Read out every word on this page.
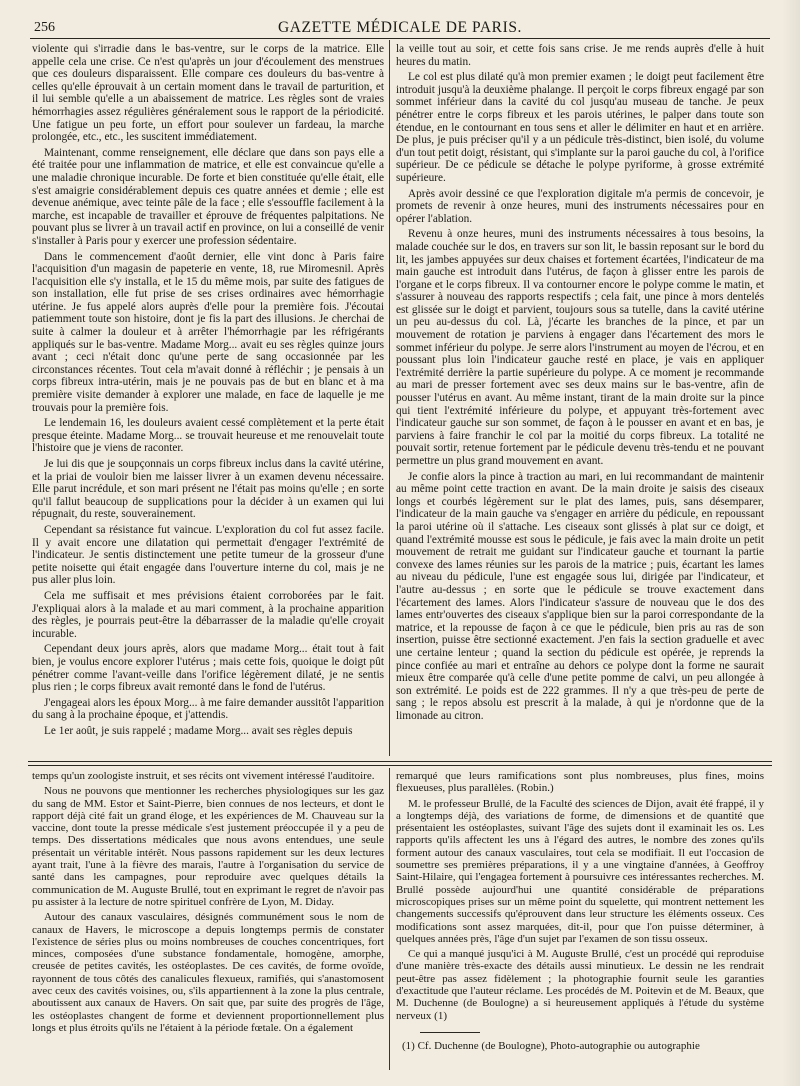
256	GAZETTE MÉDICALE DE PARIS.

violente qui s'irradie dans le bas-ventre, sur le corps de la matrice. Elle appelle cela une crise. Ce n'est qu'après un jour d'écoulement des menstrues que ces douleurs disparaissent. Elle compare ces douleurs du bas-ventre à celles qu'elle éprouvait à un certain moment dans le travail de parturition, et il lui semble qu'elle a un abaissement de matrice. Les règles sont de vraies hémorrhagies assez régulières généralement sous le rapport de la périodicité. Une fatigue un peu forte, un effort pour soulever un fardeau, la marche prolongée, etc., etc., les suscitent immédiatement.

Maintenant, comme renseignement, elle déclare que dans son pays elle a été traitée pour une inflammation de matrice, et elle est convaincue qu'elle a une maladie chronique incurable. De forte et bien constituée qu'elle était, elle s'est amaigrie considérablement depuis ces quatre années et demie ; elle est devenue anémique, avec teinte pâle de la face ; elle s'essouffle facilement à la marche, est incapable de travailler et éprouve de fréquentes palpitations. Ne pouvant plus se livrer à un travail actif en province, on lui a conseillé de venir s'installer à Paris pour y exercer une profession sédentaire.

Dans le commencement d'août dernier, elle vint donc à Paris faire l'acquisition d'un magasin de papeterie en vente, 18, rue Miromesnil. Après l'acquisition elle s'y installa, et le 15 du même mois, par suite des fatigues de son installation, elle fut prise de ses crises ordinaires avec hémorrhagie utérine. Je fus appelé alors auprès d'elle pour la première fois. J'écoutai patiemment toute son histoire, dont je fis la part des illusions. Je cherchai de suite à calmer la douleur et à arrêter l'hémorrhagie par les réfrigérants appliqués sur le bas-ventre. Madame Morg... avait eu ses règles quinze jours avant ; ceci n'était donc qu'une perte de sang occasionnée par les circonstances récentes. Tout cela m'avait donné à réfléchir ; je pensais à un corps fibreux intra-utérin, mais je ne pouvais pas de but en blanc et à ma première visite demander à explorer une malade, en face de laquelle je me trouvais pour la première fois.

Le lendemain 16, les douleurs avaient cessé complètement et la perte était presque éteinte. Madame Morg... se trouvait heureuse et me renouvelait toute l'histoire que je viens de raconter.

Je lui dis que je soupçonnais un corps fibreux inclus dans la cavité utérine, et la priai de vouloir bien me laisser livrer à un examen devenu nécessaire. Elle parut incrédule, et son mari présent ne l'était pas moins qu'elle ; en sorte qu'il fallut beaucoup de supplications pour la décider à un examen qui lui répugnait, du reste, souverainement.

Cependant sa résistance fut vaincue. L'exploration du col fut assez facile. Il y avait encore une dilatation qui permettait d'engager l'extrémité de l'indicateur. Je sentis distinctement une petite tumeur de la grosseur d'une petite noisette qui était engagée dans l'ouverture interne du col, mais je ne pus aller plus loin.

Cela me suffisait et mes prévisions étaient corroborées par le fait. J'expliquai alors à la malade et au mari comment, à la prochaine apparition des règles, je pourrais peut-être la débarrasser de la maladie qu'elle croyait incurable.

Cependant deux jours après, alors que madame Morg... était tout à fait bien, je voulus encore explorer l'utérus ; mais cette fois, quoique le doigt pût pénétrer comme l'avant-veille dans l'orifice légèrement dilaté, je ne sentis plus rien ; le corps fibreux avait remonté dans le fond de l'utérus.

J'engageai alors les époux Morg... à me faire demander aussitôt l'apparition du sang à la prochaine époque, et j'attendis.

Le 1er août, je suis rappelé ; madame Morg... avait ses règles depuis

la veille tout au soir, et cette fois sans crise. Je me rends auprès d'elle à huit heures du matin.

Le col est plus dilaté qu'à mon premier examen ; le doigt peut facilement être introduit jusqu'à la deuxième phalange. Il perçoit le corps fibreux engagé par son sommet inférieur dans la cavité du col jusqu'au museau de tanche. Je peux pénétrer entre le corps fibreux et les parois utérines, le palper dans toute son étendue, en le contournant en tous sens et aller le délimiter en haut et en arrière. De plus, je puis préciser qu'il y a un pédicule très-distinct, bien isolé, du volume d'un tout petit doigt, résistant, qui s'implante sur la paroi gauche du col, à l'orifice supérieur. De ce pédicule se détache le polype pyriforme, à grosse extrémité supérieure.

Après avoir dessiné ce que l'exploration digitale m'a permis de concevoir, je promets de revenir à onze heures, muni des instruments nécessaires pour en opérer l'ablation.

Revenu à onze heures, muni des instruments nécessaires à tous besoins, la malade couchée sur le dos, en travers sur son lit, le bassin reposant sur le bord du lit, les jambes appuyées sur deux chaises et fortement écartées, l'indicateur de ma main gauche est introduit dans l'utérus, de façon à glisser entre les parois de l'organe et le corps fibreux. Il va contourner encore le polype comme le matin, et s'assurer à nouveau des rapports respectifs ; cela fait, une pince à mors dentelés est glissée sur le doigt et parvient, toujours sous sa tutelle, dans la cavité utérine un peu au-dessus du col. Là, j'écarte les branches de la pince, et par un mouvement de rotation je parviens à engager dans l'écartement des mors le sommet inférieur du polype. Je serre alors l'instrument au moyen de l'écrou, et en poussant plus loin l'indicateur gauche resté en place, je vais en appliquer l'extrémité derrière la partie supérieure du polype. A ce moment je recommande au mari de presser fortement avec ses deux mains sur le bas-ventre, afin de pousser l'utérus en avant. Au même instant, tirant de la main droite sur la pince qui tient l'extrémité inférieure du polype, et appuyant très-fortement avec l'indicateur gauche sur son sommet, de façon à le pousser en avant et en bas, je parviens à faire franchir le col par la moitié du corps fibreux. La totalité ne pouvait sortir, retenue fortement par le pédicule devenu très-tendu et ne pouvant permettre un plus grand mouvement en avant.

Je confie alors la pince à traction au mari, en lui recommandant de maintenir au même point cette traction en avant. De la main droite je saisis des ciseaux longs et courbés légèrement sur le plat des lames, puis, sans désemparer, l'indicateur de la main gauche va s'engager en arrière du pédicule, en repoussant la paroi utérine où il s'attache. Les ciseaux sont glissés à plat sur ce doigt, et quand l'extrémité mousse est sous le pédicule, je fais avec la main droite un petit mouvement de retrait me guidant sur l'indicateur gauche et tournant la partie convexe des lames réunies sur les parois de la matrice ; puis, écartant les lames au niveau du pédicule, l'une est engagée sous lui, dirigée par l'indicateur, et l'autre au-dessus ; en sorte que le pédicule se trouve exactement dans l'écartement des lames. Alors l'indicateur s'assure de nouveau que le dos des lames entr'ouvertes des ciseaux s'applique bien sur la paroi correspondante de la matrice, et la repousse de façon à ce que le pédicule, bien pris au ras de son insertion, puisse être sectionné exactement. J'en fais la section graduelle et avec une certaine lenteur ; quand la section du pédicule est opérée, je reprends la pince confiée au mari et entraîne au dehors ce polype dont la forme ne saurait mieux être comparée qu'à celle d'une petite pomme de calvi, un peu allongée à son extrémité. Le poids est de 222 grammes. Il n'y a que très-peu de perte de sang ; le repos absolu est prescrit à la malade, à qui je n'ordonne que de la limonade au citron.

temps qu'un zoologiste instruit, et ses récits ont vivement intéressé l'auditoire.

Nous ne pouvons que mentionner les recherches physiologiques sur les gaz du sang de MM. Estor et Saint-Pierre, bien connues de nos lecteurs, et dont le rapport déjà cité fait un grand éloge, et les expériences de M. Chauveau sur la vaccine, dont toute la presse médicale s'est justement préoccupée il y a peu de temps. Des dissertations médicales que nous avons entendues, une seule présentait un véritable intérêt. Nous passons rapidement sur les deux lectures ayant trait, l'une à la fièvre des marais, l'autre à l'organisation du service de santé dans les campagnes, pour reproduire avec quelques détails la communication de M. Auguste Brullé, tout en exprimant le regret de n'avoir pas pu assister à la lecture de notre spirituel confrère de Lyon, M. Diday.

Autour des canaux vasculaires, désignés communément sous le nom de canaux de Havers, le microscope a depuis longtemps permis de constater l'existence de séries plus ou moins nombreuses de couches concentriques, fort minces, composées d'une substance fondamentale, homogène, amorphe, creusée de petites cavités, les ostéoplastes. De ces cavités, de forme ovoïde, rayonnent de tous côtés des canalicules flexueux, ramifiés, qui s'anastomosent avec ceux des cavités voisines, ou, s'ils appartiennent à la zone la plus centrale, aboutissent aux canaux de Havers. On sait que, par suite des progrès de l'âge, les ostéoplastes changent de forme et deviennent proportionnellement plus longs et plus étroits qu'ils ne l'étaient à la période fœtale. On a également

remarqué que leurs ramifications sont plus nombreuses, plus fines, moins flexueuses, plus parallèles. (Robin.)

M. le professeur Brullé, de la Faculté des sciences de Dijon, avait été frappé, il y a longtemps déjà, des variations de forme, de dimensions et de quantité que présentaient les ostéoplastes, suivant l'âge des sujets dont il examinait les os. Les rapports qu'ils affectent les uns à l'égard des autres, le nombre des zones qu'ils forment autour des canaux vasculaires, tout cela se modifiait. Il eut l'occasion de soumettre ses premières préparations, il y a une vingtaine d'années, à Geoffroy Saint-Hilaire, qui l'engagea fortement à poursuivre ces intéressantes recherches. M. Brullé possède aujourd'hui une quantité considérable de préparations microscopiques prises sur un même point du squelette, qui montrent nettement les changements successifs qu'éprouvent dans leur structure les éléments osseux. Ces modifications sont assez marquées, dit-il, pour que l'on puisse déterminer, à quelques années près, l'âge d'un sujet par l'examen de son tissu osseux.

Ce qui a manqué jusqu'ici à M. Auguste Brullé, c'est un procédé qui reproduise d'une manière très-exacte des détails aussi minutieux. Le dessin ne les rendrait peut-être pas assez fidèlement ; la photographie fournit seule les garanties d'exactitude que l'auteur réclame. Les procédés de M. Poitevin et de M. Beaux, que M. Duchenne (de Boulogne) a si heureusement appliqués à l'étude du système nerveux (1)

(1) Cf. Duchenne (de Boulogne), Photo-autographie ou autographie
